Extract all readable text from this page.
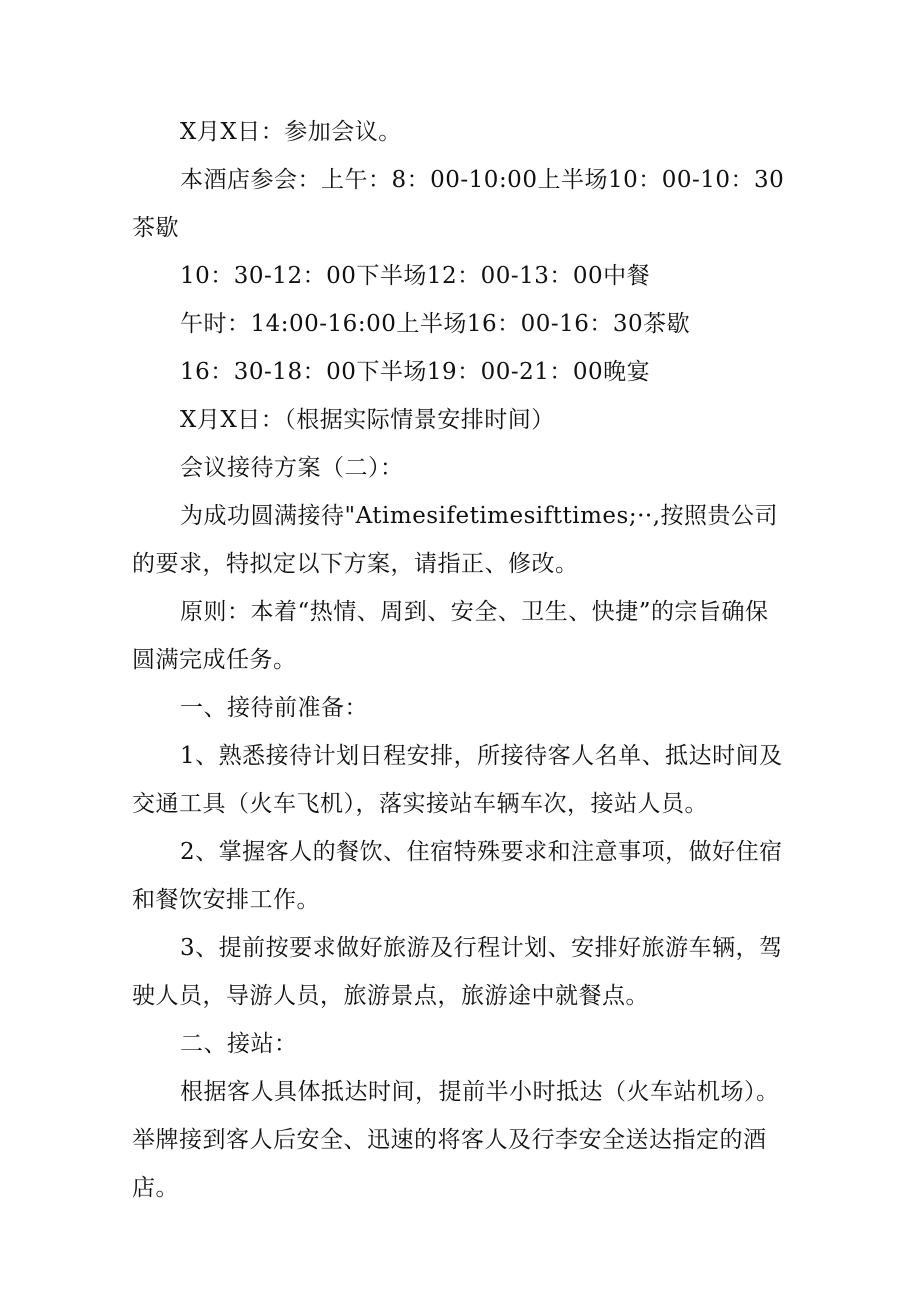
X月X日：参加会议。

本酒店参会：上午：8：00-10:00上半场10：00-10：30茶歇

10：30-12：00下半场12：00-13：00中餐

午时：14:00-16:00上半场16：00-16：30茶歇

16：30-18：00下半场19：00-21：00晚宴

X月X日：（根据实际情景安排时间）

会议接待方案（二）：

为成功圆满接待"Atimesifetimesifttimes;··,按照贵公司的要求，特拟定以下方案，请指正、修改。

原则：本着“热情、周到、安全、卫生、快捷”的宗旨确保圆满完成任务。

一、接待前准备：

1、熟悉接待计划日程安排，所接待客人名单、抵达时间及交通工具（火车飞机），落实接站车辆车次，接站人员。

2、掌握客人的餐饮、住宿特殊要求和注意事项，做好住宿和餐饮安排工作。

3、提前按要求做好旅游及行程计划、安排好旅游车辆，驾驶人员，导游人员，旅游景点，旅游途中就餐点。

二、接站：

根据客人具体抵达时间，提前半小时抵达（火车站机场）。举牌接到客人后安全、迅速的将客人及行李安全送达指定的酒店。
